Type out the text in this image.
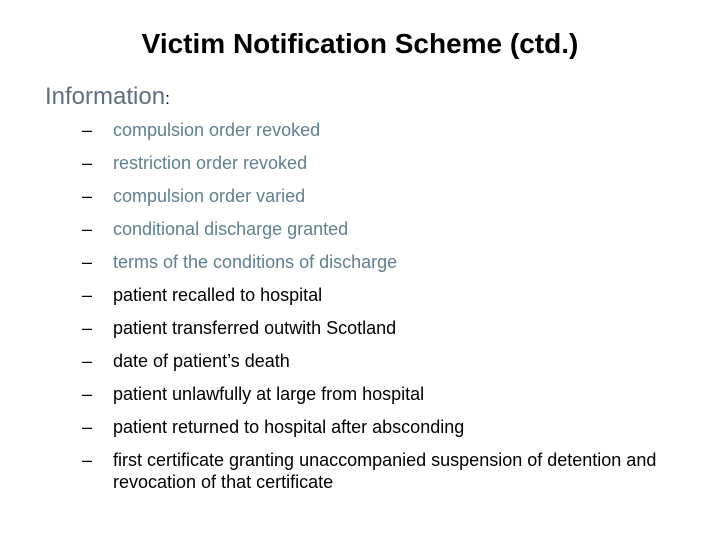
Victim Notification Scheme (ctd.)
Information:
– compulsion order revoked
– restriction order revoked
– compulsion order varied
– conditional discharge granted
– terms of the conditions of discharge
– patient recalled to hospital
– patient transferred outwith Scotland
– date of patient’s death
– patient unlawfully at large from hospital
– patient returned to hospital after absconding
– first certificate granting unaccompanied suspension of detention and revocation of that certificate
